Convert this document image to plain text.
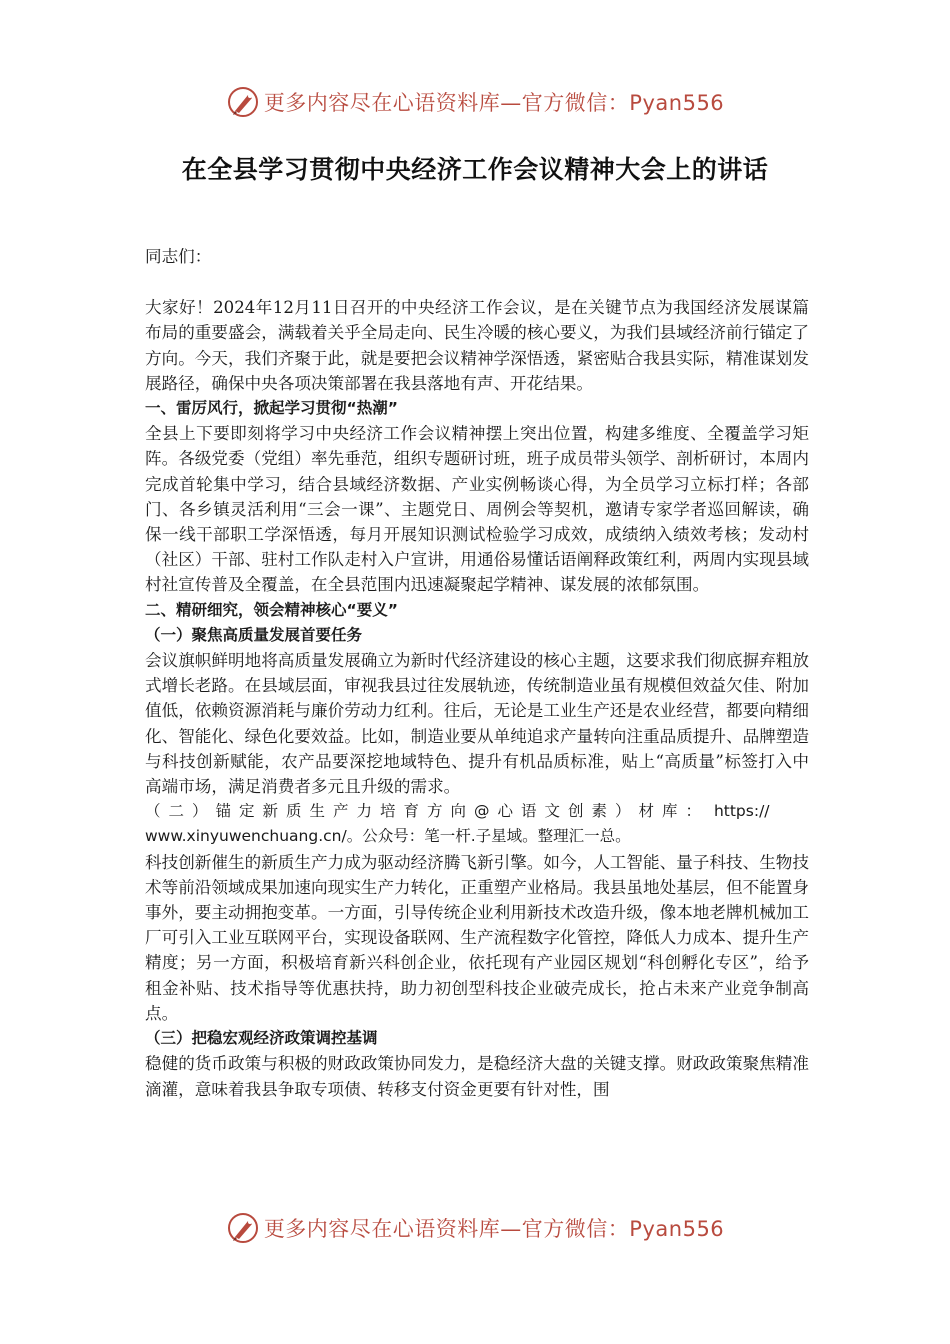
更多内容尽在心语资料库—官方微信：Pyan556
在全县学习贯彻中央经济工作会议精神大会上的讲话

同志们：

大家好！2024年12月11日召开的中央经济工作会议，是在关键节点为我国经济发展谋篇布局的重要盛会，满载着关乎全局走向、民生冷暖的核心要义，为我们县域经济前行锚定了方向。今天，我们齐聚于此，就是要把会议精神学深悟透，紧密贴合我县实际，精准谋划发展路径，确保中央各项决策部署在我县落地有声、开花结果。

一、雷厉风行，掀起学习贯彻“热潮”

全县上下要即刻将学习中央经济工作会议精神摆上突出位置，构建多维度、全覆盖学习矩阵。各级党委（党组）率先垂范，组织专题研讨班，班子成员带头领学、剖析研讨，本周内完成首轮集中学习，结合县域经济数据、产业实例畅谈心得，为全员学习立标打样；各部门、各乡镇灵活利用“三会一课”、主题党日、周例会等契机，邀请专家学者巡回解读，确保一线干部职工学深悟透，每月开展知识测试检验学习成效，成绩纳入绩效考核；发动村（社区）干部、驻村工作队走村入户宣讲，用通俗易懂话语阐释政策红利，两周内实现县域村社宣传普及全覆盖，在全县范围内迅速凝聚起学精神、谋发展的浓郁氛围。

二、精研细究，领会精神核心“要义”

（一）聚焦高质量发展首要任务

会议旗帜鲜明地将高质量发展确立为新时代经济建设的核心主题，这要求我们彻底摒弃粗放式增长老路。在县域层面，审视我县过往发展轨迹，传统制造业虽有规模但效益欠佳、附加值低，依赖资源消耗与廉价劳动力红利。往后，无论是工业生产还是农业经营，都要向精细化、智能化、绿色化要效益。比如，制造业要从单纯追求产量转向注重品质提升、品牌塑造与科技创新赋能，农产品要深挖地域特色、提升有机品质标准，贴上“高质量”标签打入中高端市场，满足消费者多元且升级的需求。

（二）锚定新质生产力培育方向@心语文创素）材库： https://

www.xinyuwenchuang.cn/。公众号：笔一杆.子星域。整理汇一总。

科技创新催生的新质生产力成为驱动经济腾飞新引擎。如今，人工智能、量子科技、生物技术等前沿领域成果加速向现实生产力转化，正重塑产业格局。我县虽地处基层，但不能置身事外，要主动拥抱变革。一方面，引导传统企业利用新技术改造升级，像本地老牌机械加工厂可引入工业互联网平台，实现设备联网、生产流程数字化管控，降低人力成本、提升生产精度；另一方面，积极培育新兴科创企业，依托现有产业园区规划“科创孵化专区”，给予租金补贴、技术指导等优惠扶持，助力初创型科技企业破壳成长，抢占未来产业竞争制高点。

（三）把稳宏观经济政策调控基调

稳健的货币政策与积极的财政政策协同发力，是稳经济大盘的关键支撑。财政政策聚焦精准滴灌，意味着我县争取专项债、转移支付资金更要有针对性，围

更多内容尽在心语资料库—官方微信：Pyan556
